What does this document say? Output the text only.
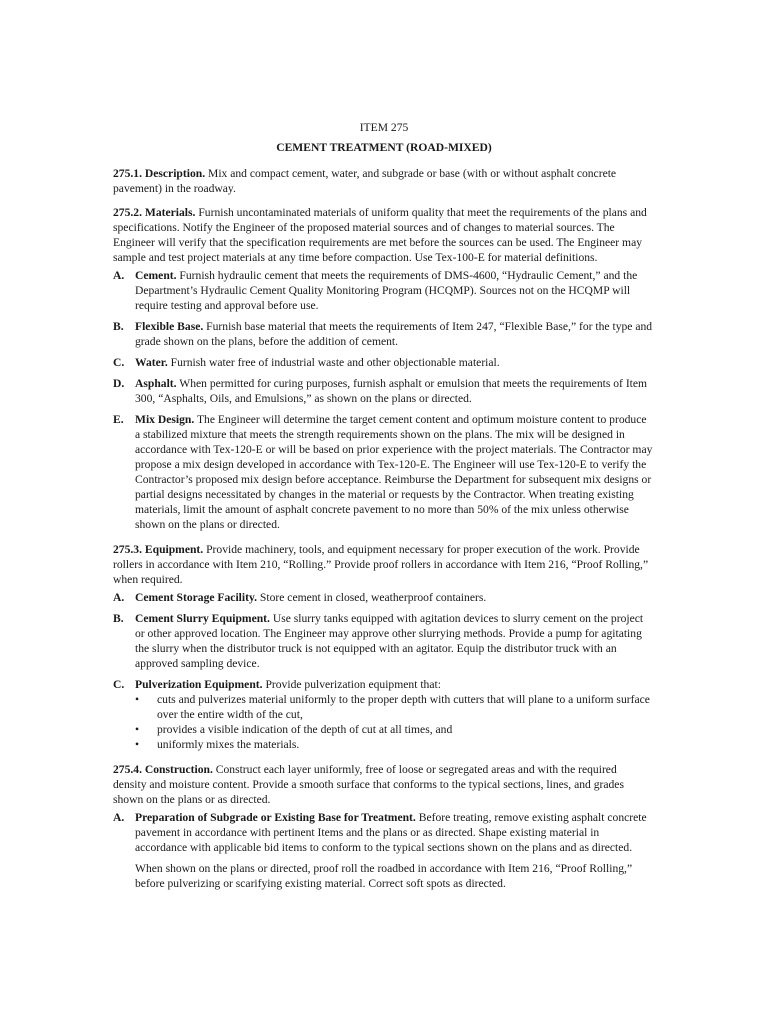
ITEM 275
CEMENT TREATMENT (ROAD-MIXED)

275.1. Description. Mix and compact cement, water, and subgrade or base (with or without asphalt concrete pavement) in the roadway.

275.2. Materials. Furnish uncontaminated materials of uniform quality that meet the requirements of the plans and specifications. Notify the Engineer of the proposed material sources and of changes to material sources. The Engineer will verify that the specification requirements are met before the sources can be used. The Engineer may sample and test project materials at any time before compaction. Use Tex-100-E for material definitions.

A. Cement. Furnish hydraulic cement that meets the requirements of DMS-4600, “Hydraulic Cement,” and the Department’s Hydraulic Cement Quality Monitoring Program (HCQMP). Sources not on the HCQMP will require testing and approval before use.
B. Flexible Base. Furnish base material that meets the requirements of Item 247, “Flexible Base,” for the type and grade shown on the plans, before the addition of cement.
C. Water. Furnish water free of industrial waste and other objectionable material.
D. Asphalt. When permitted for curing purposes, furnish asphalt or emulsion that meets the requirements of Item 300, “Asphalts, Oils, and Emulsions,” as shown on the plans or directed.
E. Mix Design. The Engineer will determine the target cement content and optimum moisture content to produce a stabilized mixture that meets the strength requirements shown on the plans. The mix will be designed in accordance with Tex-120-E or will be based on prior experience with the project materials. The Contractor may propose a mix design developed in accordance with Tex-120-E. The Engineer will use Tex-120-E to verify the Contractor’s proposed mix design before acceptance. Reimburse the Department for subsequent mix designs or partial designs necessitated by changes in the material or requests by the Contractor. When treating existing materials, limit the amount of asphalt concrete pavement to no more than 50% of the mix unless otherwise shown on the plans or directed.

275.3. Equipment. Provide machinery, tools, and equipment necessary for proper execution of the work. Provide rollers in accordance with Item 210, “Rolling.” Provide proof rollers in accordance with Item 216, “Proof Rolling,” when required.

A. Cement Storage Facility. Store cement in closed, weatherproof containers.
B. Cement Slurry Equipment. Use slurry tanks equipped with agitation devices to slurry cement on the project or other approved location. The Engineer may approve other slurrying methods. Provide a pump for agitating the slurry when the distributor truck is not equipped with an agitator. Equip the distributor truck with an approved sampling device.
C. Pulverization Equipment. Provide pulverization equipment that:
• cuts and pulverizes material uniformly to the proper depth with cutters that will plane to a uniform surface over the entire width of the cut,
• provides a visible indication of the depth of cut at all times, and
• uniformly mixes the materials.

275.4. Construction. Construct each layer uniformly, free of loose or segregated areas and with the required density and moisture content. Provide a smooth surface that conforms to the typical sections, lines, and grades shown on the plans or as directed.

A. Preparation of Subgrade or Existing Base for Treatment. Before treating, remove existing asphalt concrete pavement in accordance with pertinent Items and the plans or as directed. Shape existing material in accordance with applicable bid items to conform to the typical sections shown on the plans and as directed.

When shown on the plans or directed, proof roll the roadbed in accordance with Item 216, “Proof Rolling,” before pulverizing or scarifying existing material. Correct soft spots as directed.
